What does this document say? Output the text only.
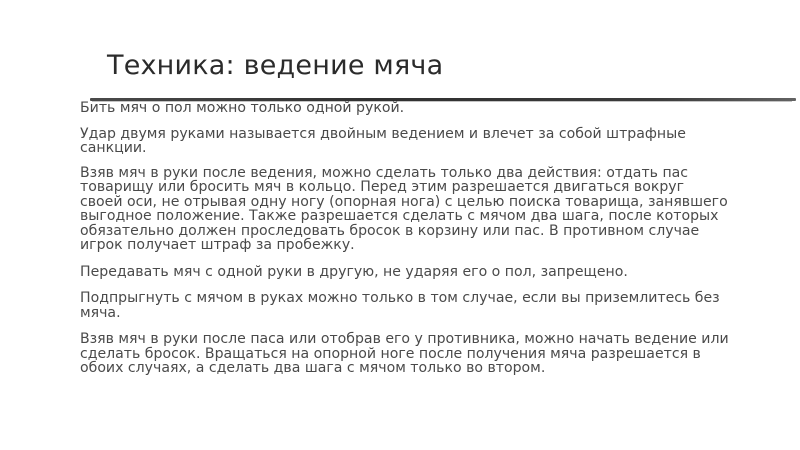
Техника: ведение мяча

Бить мяч о пол можно только одной рукой.

Удар двумя руками называется двойным ведением и влечет за собой штрафные санкции.

Взяв мяч в руки после ведения, можно сделать только два действия: отдать пас товарищу или бросить мяч в кольцо. Перед этим разрешается двигаться вокруг своей оси, не отрывая одну ногу (опорная нога) с целью поиска товарища, занявшего выгодное положение. Также разрешается сделать с мячом два шага, после которых обязательно должен проследовать бросок в корзину или пас. В противном случае игрок получает штраф за пробежку.

Передавать мяч с одной руки в другую, не ударяя его о пол, запрещено.

Подпрыгнуть с мячом в руках можно только в том случае, если вы приземлитесь без мяча.

Взяв мяч в руки после паса или отобрав его у противника, можно начать ведение или сделать бросок. Вращаться на опорной ноге после получения мяча разрешается в обоих случаях, а сделать два шага с мячом только во втором.
